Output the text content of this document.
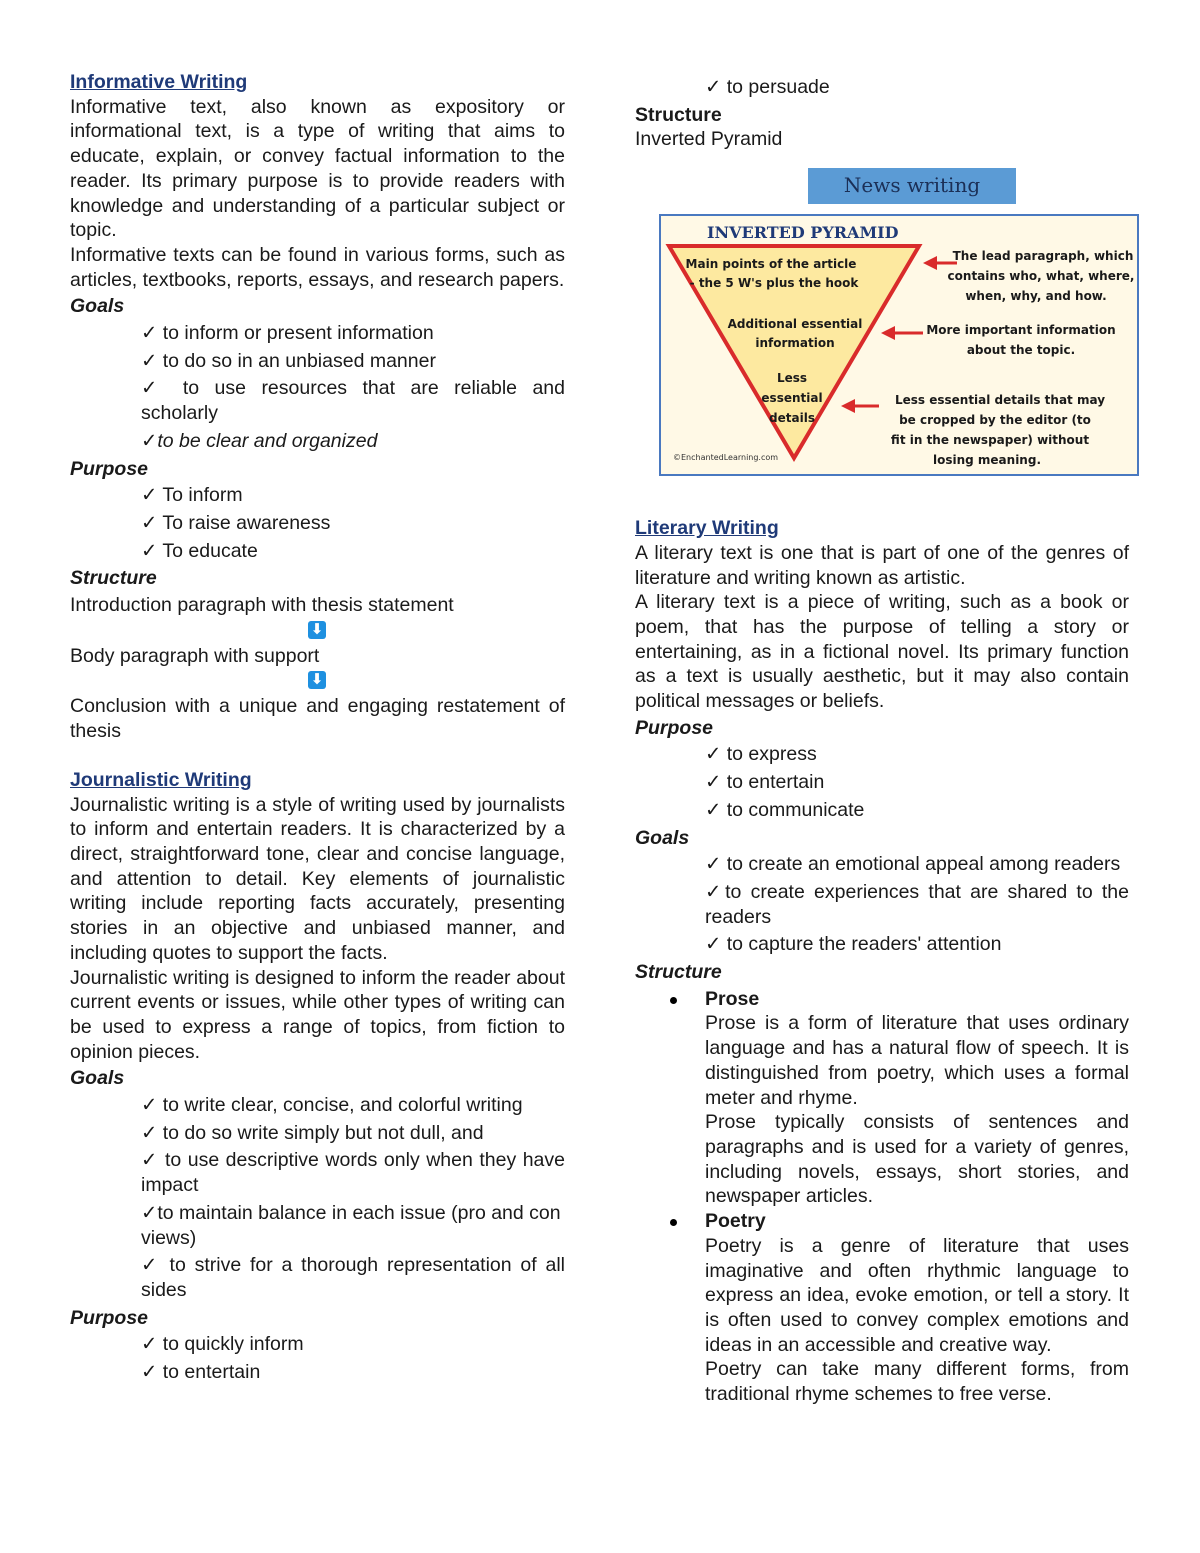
Informative Writing

Informative text, also known as expository or informational text, is a type of writing that aims to educate, explain, or convey factual information to the reader. Its primary purpose is to provide readers with knowledge and understanding of a particular subject or topic.

Informative texts can be found in various forms, such as articles, textbooks, reports, essays, and research papers.

Goals
✓ to inform or present information
✓ to do so in an unbiased manner
✓ to use resources that are reliable and scholarly
✓to be clear and organized
Purpose
✓ To inform
✓ To raise awareness
✓ To educate
Structure
Introduction paragraph with thesis statement
⬇
Body paragraph with support
⬇
Conclusion with a unique and engaging restatement of thesis
Journalistic Writing

Journalistic writing is a style of writing used by journalists to inform and entertain readers. It is characterized by a direct, straightforward tone, clear and concise language, and attention to detail. Key elements of journalistic writing include reporting facts accurately, presenting stories in an objective and unbiased manner, and including quotes to support the facts.

Journalistic writing is designed to inform the reader about current events or issues, while other types of writing can be used to express a range of topics, from fiction to opinion pieces.

Goals
✓ to write clear, concise, and colorful writing
✓ to do so write simply but not dull, and
✓ to use descriptive words only when they have impact
✓to maintain balance in each issue (pro and con
views)
✓ to strive for a thorough representation of all sides
Purpose
✓ to quickly inform
✓ to entertain
✓ to persuade
Structure
Inverted Pyramid
News writing
INVERTED PYRAMID
Main points of the article
- the 5 W's plus the hook
Additional essential
information
Less
essential
details
The lead paragraph, which
contains who, what, where,
when, why, and how.
More important information
about the topic.
Less essential details that may
be cropped by the editor (to
fit in the newspaper) without
losing meaning.
©EnchantedLearning.com
Literary Writing

A literary text is one that is part of one of the genres of literature and writing known as artistic.

A literary text is a piece of writing, such as a book or poem, that has the purpose of telling a story or entertaining, as in a fictional novel. Its primary function as a text is usually aesthetic, but it may also contain political messages or beliefs.

Purpose
✓ to express
✓ to entertain
✓ to communicate
Goals
✓ to create an emotional appeal among readers
✓to create experiences that are shared to the readers
✓ to capture the readers' attention
Structure
Prose

Prose is a form of literature that uses ordinary language and has a natural flow of speech. It is distinguished from poetry, which uses a formal meter and rhyme.

Prose typically consists of sentences and paragraphs and is used for a variety of genres, including novels, essays, short stories, and newspaper articles.

Poetry

Poetry is a genre of literature that uses imaginative and often rhythmic language to express an idea, evoke emotion, or tell a story. It is often used to convey complex emotions and ideas in an accessible and creative way.

Poetry can take many different forms, from traditional rhyme schemes to free verse.
